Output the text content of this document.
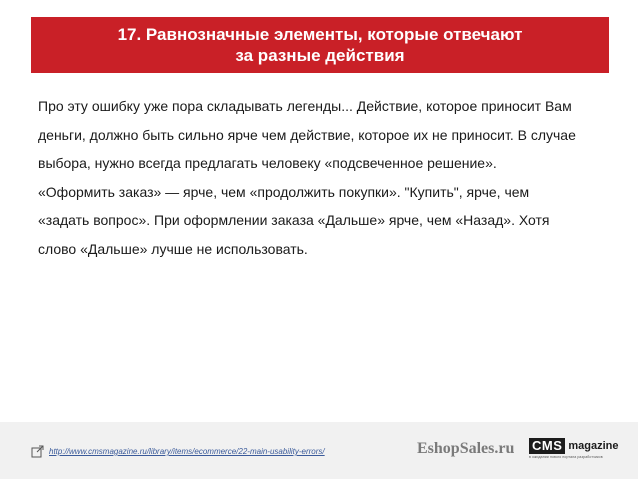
17. Равнозначные элементы, которые отвечают
за разные действия
Про эту ошибку уже пора складывать легенды... Действие, которое приносит Вам
деньги, должно быть сильно ярче чем действие, которое их не приносит. В случае
выбора, нужно всегда предлагать человеку «подсвеченное решение».
«Оформить заказ» — ярче, чем «продолжить покупки». "Купить", ярче, чем
«задать вопрос». При оформлении заказа «Дальше» ярче, чем «Назад». Хотя
слово «Дальше» лучше не использовать.
http://www.cmsmagazine.ru/library/items/ecommerce/22-main-usability-errors/	EshopSales.ru CMS magazine
в ожидании нового портала разработчиков
